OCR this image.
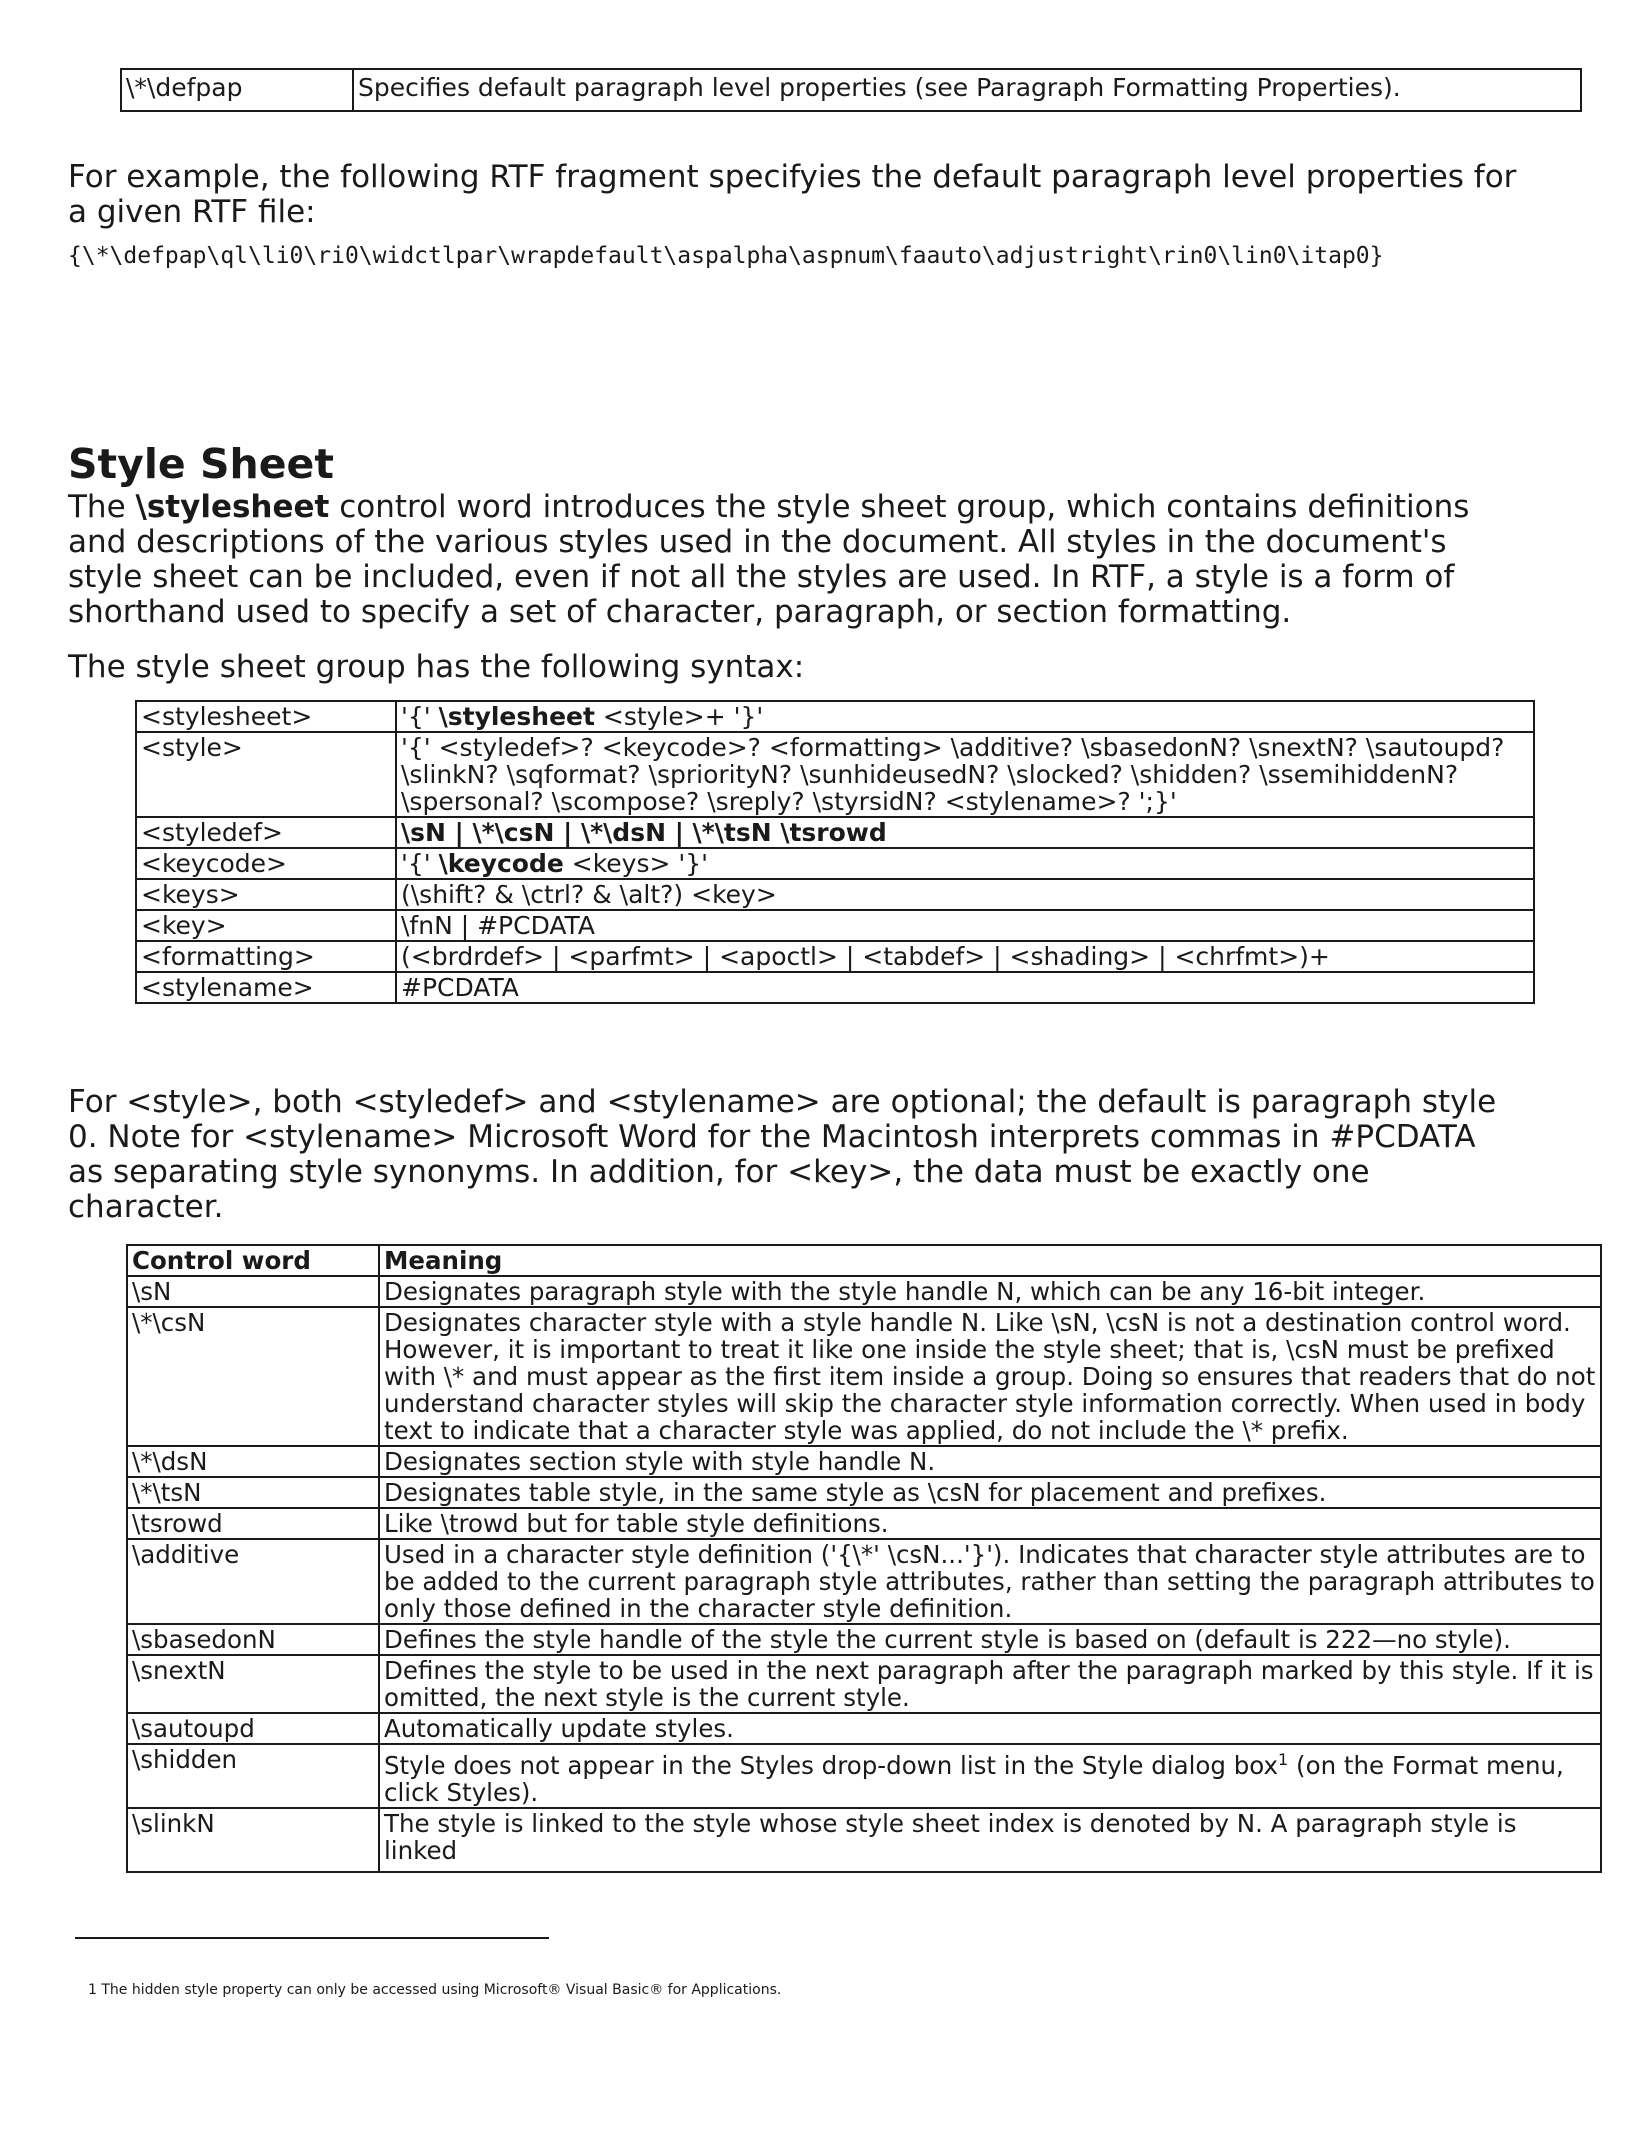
\*\defpap	Specifies default paragraph level properties (see Paragraph Formatting Properties).

For example, the following RTF fragment specifyies the default paragraph level properties for

a given RTF file:

{\*\defpap\ql\li0\ri0\widctlpar\wrapdefault\aspalpha\aspnum\faauto\adjustright\rin0\lin0\itap0}
Style Sheet

The \stylesheet control word introduces the style sheet group, which contains definitions

and descriptions of the various styles used in the document. All styles in the document's

style sheet can be included, even if not all the styles are used. In RTF, a style is a form of

shorthand used to specify a set of character, paragraph, or section formatting.

The style sheet group has the following syntax:

<stylesheet>	'{' \stylesheet <style>+ '}'
<style>	'{' <styledef>? <keycode>? <formatting> \additive? \sbasedonN? \snextN? \sautoupd?
\slinkN? \sqformat? \spriorityN? \sunhideusedN? \slocked? \shidden? \ssemihiddenN?
\spersonal? \scompose? \sreply? \styrsidN? <stylename>? ';}'

<styledef>	\sN | \*\csN | \*\dsN | \*\tsN \tsrowd
<keycode>	'{' \keycode <keys> '}'
<keys>	(\shift? & \ctrl? & \alt?) <key>
<key>	\fnN | #PCDATA
<formatting>	(<brdrdef> | <parfmt> | <apoctl> | <tabdef> | <shading> | <chrfmt>)+
<stylename>	#PCDATA

For <style>, both <styledef> and <stylename> are optional; the default is paragraph style

0. Note for <stylename> Microsoft Word for the Macintosh interprets commas in #PCDATA

as separating style synonyms. In addition, for <key>, the data must be exactly one

character.

Control word	Meaning
\sN	Designates paragraph style with the style handle N, which can be any 16-bit integer.
\*\csN	Designates character style with a style handle N. Like \sN, \csN is not a destination control word. However, it is important to treat it like one inside the style sheet; that is, \csN must be prefixed with \* and must appear as the first item inside a group. Doing so ensures that readers that do not understand character styles will skip the character style information correctly. When used in body text to indicate that a character style was applied, do not include the \* prefix.
\*\dsN	Designates section style with style handle N.
\*\tsN	Designates table style, in the same style as \csN for placement and prefixes.
\tsrowd	Like \trowd but for table style definitions.
\additive	Used in a character style definition ('{\*' \csN...'}'). Indicates that character style attributes are to be added to the current paragraph style attributes, rather than setting the paragraph attributes to only those defined in the character style definition.
\sbasedonN	Defines the style handle of the style the current style is based on (default is 222—no style).
\snextN	Defines the style to be used in the next paragraph after the paragraph marked by this style. If it is omitted, the next style is the current style.
\sautoupd	Automatically update styles.
\shidden	Style does not appear in the Styles drop-down list in the Style dialog box$^1$ (on the Format menu, click Styles).
\slinkN	The style is linked to the style whose style sheet index is denoted by N. A paragraph style is linked
1 The hidden style property can only be accessed using Microsoft® Visual Basic® for Applications.
